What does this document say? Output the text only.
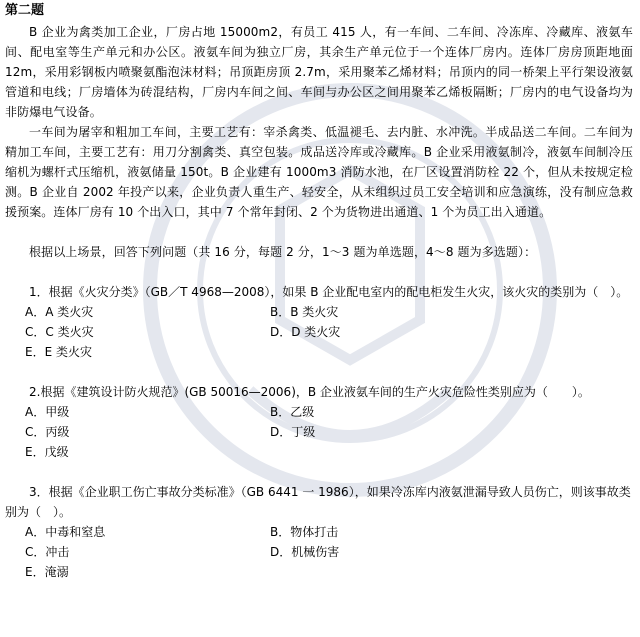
第二题
B 企业为禽类加工企业，厂房占地 15000m2，有员工 415 人，有一车间、二车间、冷冻库、冷藏库、液氨车间、配电室等生产单元和办公区。液氨车间为独立厂房，其余生产单元位于一个连体厂房内。连体厂房房顶距地面 12m，采用彩钢板内喷聚氨酯泡沫材料；吊顶距房顶 2.7m，采用聚苯乙烯材料；吊顶内的同一桥架上平行架设液氨管道和电线；厂房墙体为砖混结构，厂房内车间之间、车间与办公区之间用聚苯乙烯板隔断；厂房内的电气设备均为非防爆电气设备。
一车间为屠宰和粗加工车间，主要工艺有：宰杀禽类、低温褪毛、去内脏、水冲洗。半成品送二车间。二车间为精加工车间，主要工艺有：用刀分割禽类、真空包装。成品送冷库或冷藏库。B 企业采用液氨制冷，液氨车间制冷压缩机为螺杆式压缩机，液氨储量 150t。B 企业建有 1000m3 消防水池，在厂区设置消防栓 22 个，但从未按规定检测。B 企业自 2002 年投产以来，企业负责人重生产、轻安全，从未组织过员工安全培训和应急演练，没有制应急救援预案。连体厂房有 10 个出入口，其中 7 个常年封闭、2 个为货物进出通道、1 个为员工出入通道。
根据以上场景，回答下列问题（共 16 分，每题 2 分，1～3 题为单选题，4～8 题为多选题）：
1．根据《火灾分类》（GB／T 4968—2008），如果 B 企业配电室内的配电柜发生火灾，该火灾的类别为（　）。
A．A 类火灾	B．B 类火灾
C．C 类火灾	D．D 类火灾
E．E 类火灾
2.根据《建筑设计防火规范》(GB 50016—2006)，B 企业液氨车间的生产火灾危险性类别应为（　　）。
A．甲级	B．乙级
C．丙级	D．丁级
E．戊级
3．根据《企业职工伤亡事故分类标准》（GB 6441 一 1986），如果冷冻库内液氨泄漏导致人员伤亡，则该事故类别为（　）。
A．中毒和窒息	B．物体打击
C．冲击	D．机械伤害
E．淹溺
